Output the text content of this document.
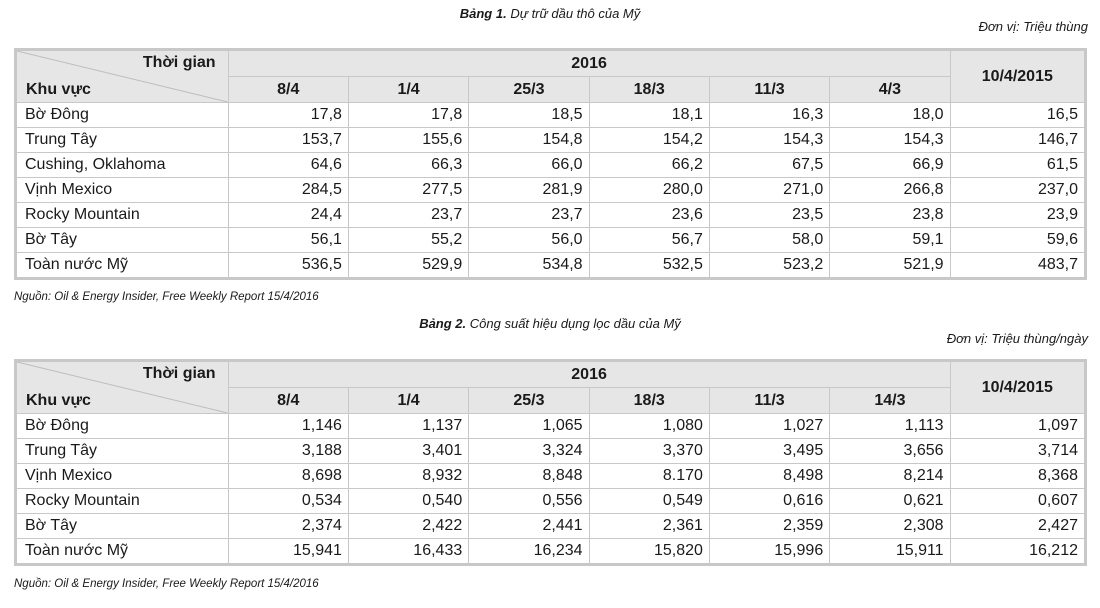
Bảng 1. Dự trữ dầu thô của Mỹ
Đơn vị: Triệu thùng
Thời gian
Khu vực	2016						10/4/2015
	8/4	1/4	25/3	18/3	11/3	4/3	
Bờ Đông	17,8	17,8	18,5	18,1	16,3	18,0	16,5
Trung Tây	153,7	155,6	154,8	154,2	154,3	154,3	146,7
Cushing, Oklahoma	64,6	66,3	66,0	66,2	67,5	66,9	61,5
Vịnh Mexico	284,5	277,5	281,9	280,0	271,0	266,8	237,0
Rocky Mountain	24,4	23,7	23,7	23,6	23,5	23,8	23,9
Bờ Tây	56,1	55,2	56,0	56,7	58,0	59,1	59,6
Toàn nước Mỹ	536,5	529,9	534,8	532,5	523,2	521,9	483,7
Nguồn: Oil & Energy Insider, Free Weekly Report 15/4/2016
Bảng 2. Công suất hiệu dụng lọc dầu của Mỹ
Đơn vị: Triệu thùng/ngày
Thời gian
Khu vực	2016						10/4/2015
	8/4	1/4	25/3	18/3	11/3	14/3	
Bờ Đông	1,146	1,137	1,065	1,080	1,027	1,113	1,097
Trung Tây	3,188	3,401	3,324	3,370	3,495	3,656	3,714
Vịnh Mexico	8,698	8,932	8,848	8.170	8,498	8,214	8,368
Rocky Mountain	0,534	0,540	0,556	0,549	0,616	0,621	0,607
Bờ Tây	2,374	2,422	2,441	2,361	2,359	2,308	2,427
Toàn nước Mỹ	15,941	16,433	16,234	15,820	15,996	15,911	16,212
Nguồn: Oil & Energy Insider, Free Weekly Report 15/4/2016
